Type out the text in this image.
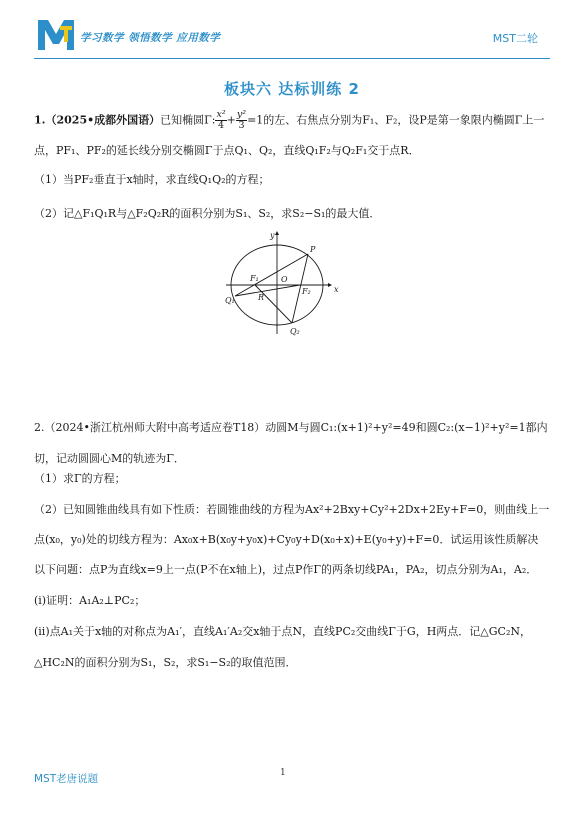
学习数学 领悟数学 应用数学	MST二轮
板块六 达标训练 2
1.（2025•成都外国语）已知椭圆Γ: $\frac{\text{x²}}{4} + \frac{\text{y²}}{3} =1$的左、右焦点分别为F₁、F₂，设P是第一象限内椭圆Γ上一
点，PF₁、PF₂的延长线分别交椭圆Γ于点Q₁、Q₂，直线Q₁F₂与Q₂F₁交于点R．
（1）当PF₂垂直于x轴时，求直线Q₁Q₂的方程；
（2）记△F₁Q₁R与△F₂Q₂R的面积分别为S₁、S₂，求S₂−S₁的最大值．
y
x
P
O
F₁
F₂
Q₁	R
Q₂
2.（2024•浙江杭州师大附中高考适应卷T18）动圆M与圆C₁:(x+1)²+y²=49和圆C₂:(x−1)²+y²=1都内
切，记动圆圆心M的轨迹为Γ．
（1）求Γ的方程；
（2）已知圆锥曲线具有如下性质：若圆锥曲线的方程为Ax²+2Bxy+Cy²+2Dx+2Ey+F=0，则曲线上一
点(x₀，y₀)处的切线方程为：Ax₀x+B(x₀y+y₀x)+Cy₀y+D(x₀+x)+E(y₀+y)+F=0．试运用该性质解决
以下问题：点P为直线x=9上一点(P不在x轴上)，过点P作Γ的两条切线PA₁，PA₂，切点分别为A₁，A₂．
(i)证明：A₁A₂⊥PC₂；
(ii)点A₁关于x轴的对称点为A₁′，直线A₁′A₂交x轴于点N，直线PC₂交曲线Γ于G，H两点．记△GC₂N，
△HC₂N的面积分别为S₁，S₂，求S₁−S₂的取值范围．
1
MST老唐说题
